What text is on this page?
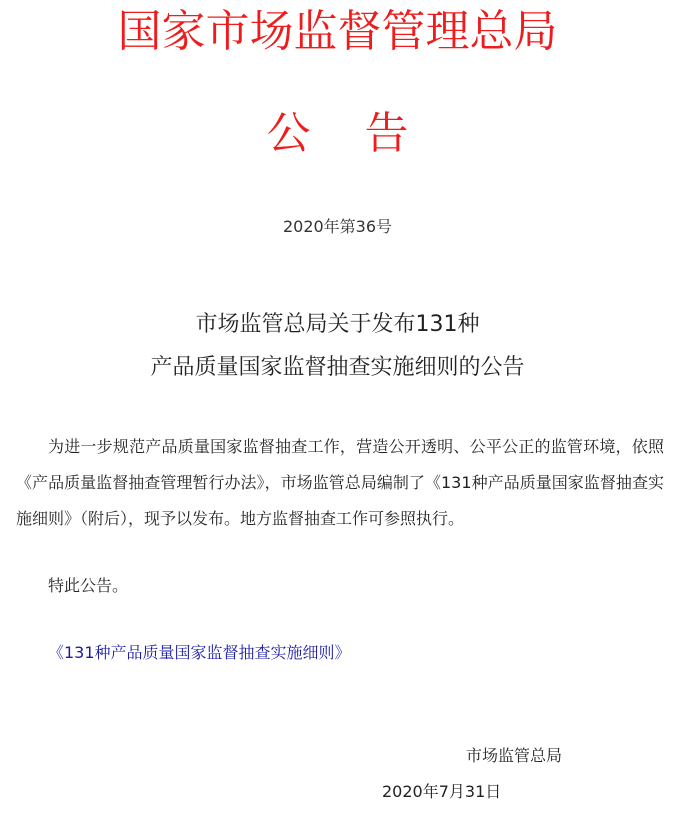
国家市场监督管理总局
公告
2020年第36号
市场监管总局关于发布131种
产品质量国家监督抽查实施细则的公告
为进一步规范产品质量国家监督抽查工作，营造公开透明、公平公正的监管环境，依照《产品质量监督抽查管理暂行办法》，市场监管总局编制了《131种产品质量国家监督抽查实施细则》（附后），现予以发布。地方监督抽查工作可参照执行。
特此公告。
《131种产品质量国家监督抽查实施细则》
市场监管总局
2020年7月31日
